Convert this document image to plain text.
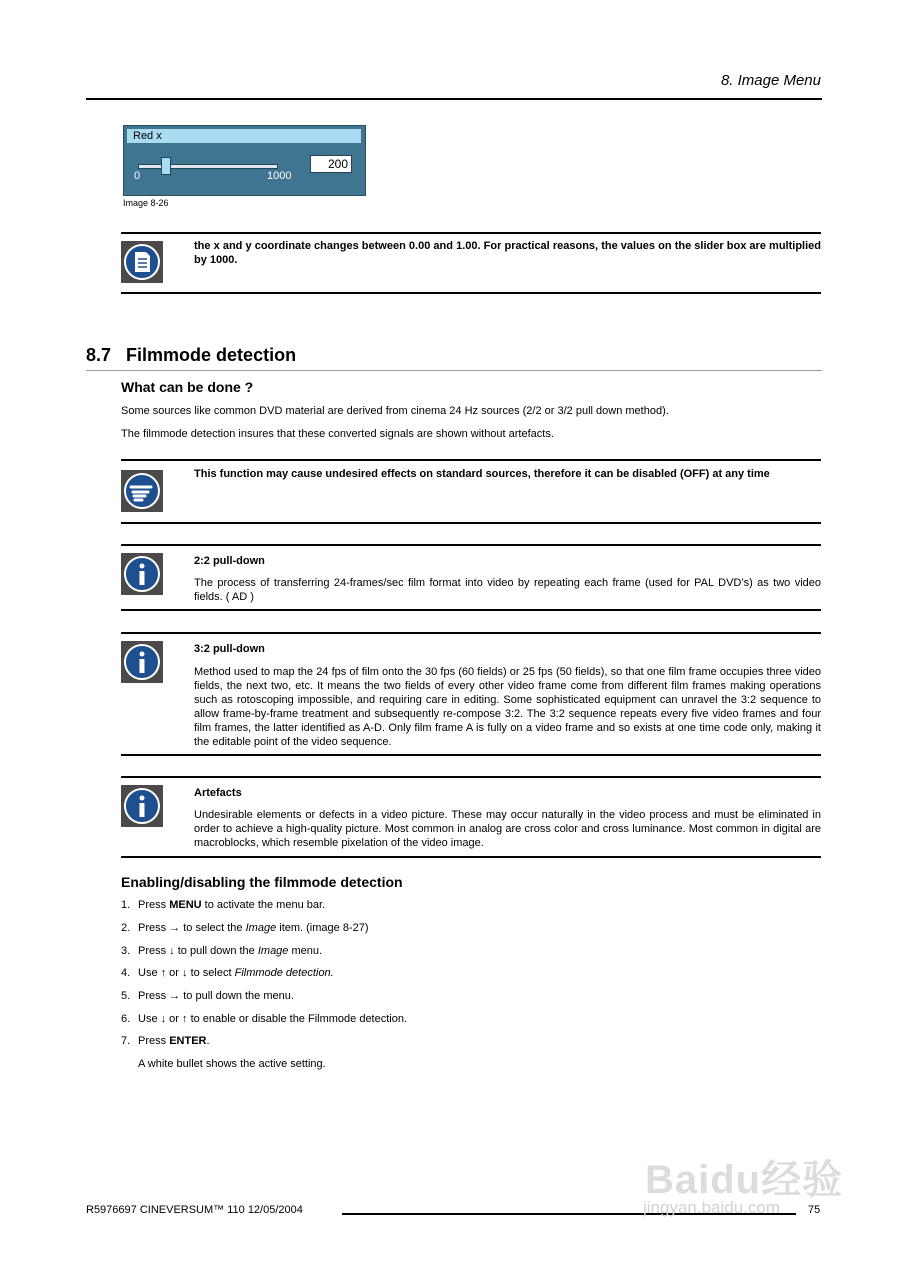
8. Image Menu
Red x
0	1000
200
Image 8-26
the x and y coordinate changes between 0.00 and 1.00. For practical reasons, the values on the slider box are multiplied by 1000.
8.7 Filmmode detection
What can be done ?
Some sources like common DVD material are derived from cinema 24 Hz sources (2/2 or 3/2 pull down method).
The filmmode detection insures that these converted signals are shown without artefacts.
This function may cause undesired effects on standard sources, therefore it can be disabled (OFF) at any time
2:2 pull-down
The process of transferring 24-frames/sec film format into video by repeating each frame (used for PAL DVD’s) as two video fields. ( AD )
3:2 pull-down
Method used to map the 24 fps of film onto the 30 fps (60 fields) or 25 fps (50 fields), so that one film frame occupies three video fields, the next two, etc. It means the two fields of every other video frame come from different film frames making operations such as rotoscoping impossible, and requiring care in editing. Some sophisticated equipment can unravel the 3:2 sequence to allow frame-by-frame treatment and subsequently re-compose 3:2. The 3:2 sequence repeats every five video frames and four film frames, the latter identified as A-D. Only film frame A is fully on a video frame and so exists at one time code only, making it the editable point of the video sequence.
Artefacts
Undesirable elements or defects in a video picture. These may occur naturally in the video process and must be eliminated in order to achieve a high-quality picture. Most common in analog are cross color and cross luminance. Most common in digital are macroblocks, which resemble pixelation of the video image.
Enabling/disabling the filmmode detection
1. Press MENU to activate the menu bar.
2. Press → to select the Image item. (image 8-27)
3. Press ↓ to pull down the Image menu.
4. Use ↑ or ↓ to select Filmmode detection.
5. Press → to pull down the menu.
6. Use ↓ or ↑ to enable or disable the Filmmode detection.
7. Press ENTER.
A white bullet shows the active setting.
R5976697 CINEVERSUM™ 110 12/05/2004	75
Baidu经验
jingyan.baidu.com
